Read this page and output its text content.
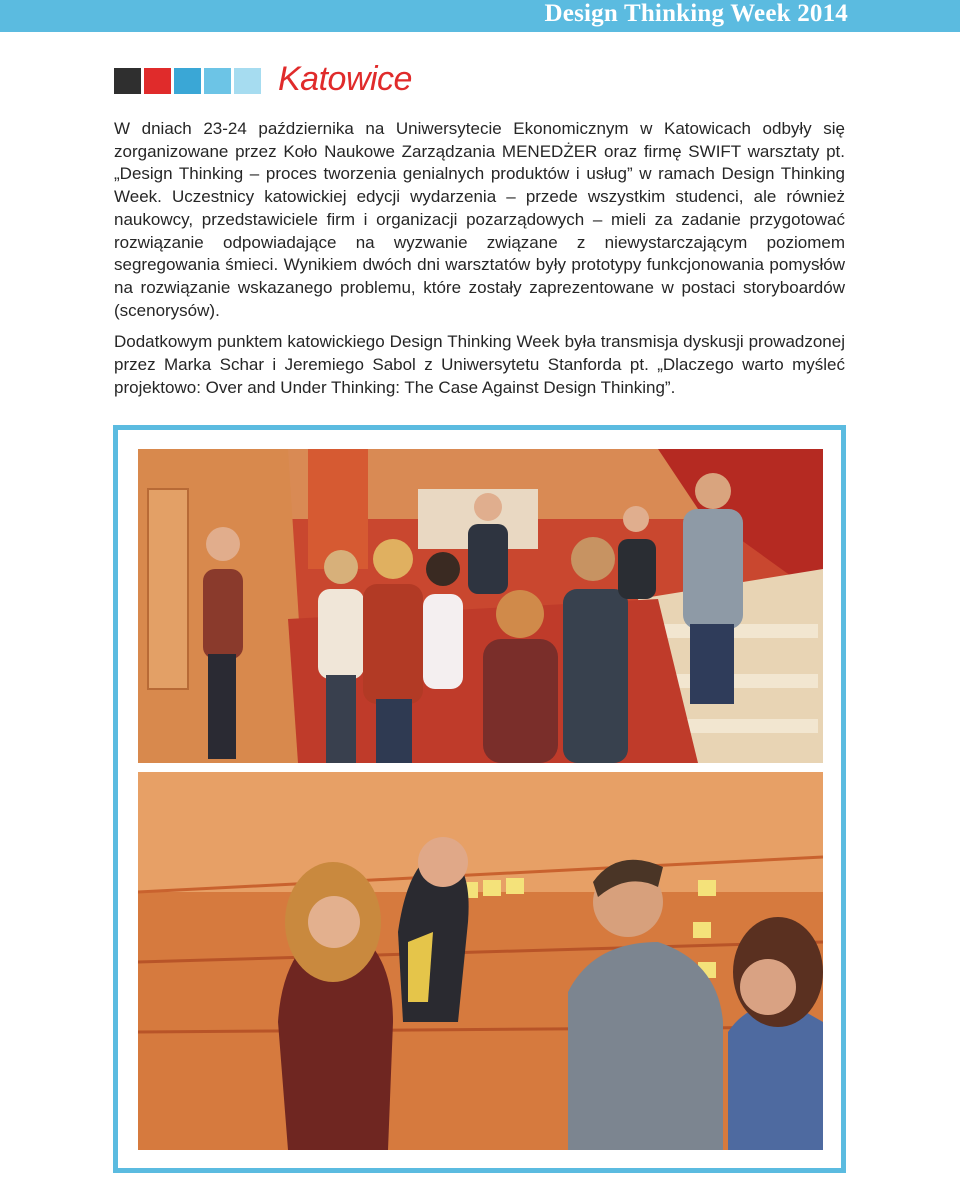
Design Thinking Week 2014
Katowice

W dniach 23-24 października na Uniwersytecie Ekonomicznym w Katowicach odbyły się zorganizowane przez Koło Naukowe Zarządzania MENEDŻER oraz firmę SWIFT warsztaty pt. „Design Thinking – proces tworzenia genialnych produktów i usług” w ramach Design Thinking Week. Uczestnicy katowickiej edycji wydarzenia – przede wszystkim studenci, ale również naukowcy, przedstawiciele firm i organizacji pozarządowych – mieli za zadanie przygotować rozwiązanie odpowiadające na wyzwanie związane z niewystarczającym poziomem segregowania śmieci. Wynikiem dwóch dni warsztatów były prototypy funkcjonowania pomysłów na rozwiązanie wskazanego problemu, które zostały zaprezentowane w postaci storyboardów (scenorysów).

Dodatkowym punktem katowickiego Design Thinking Week była transmisja dyskusji prowadzonej przez Marka Schar i Jeremiego Sabol z Uniwersytetu Stanforda pt. „Dlaczego warto myśleć projektowo: Over and Under Thinking: The Case Against Design Thinking”.
